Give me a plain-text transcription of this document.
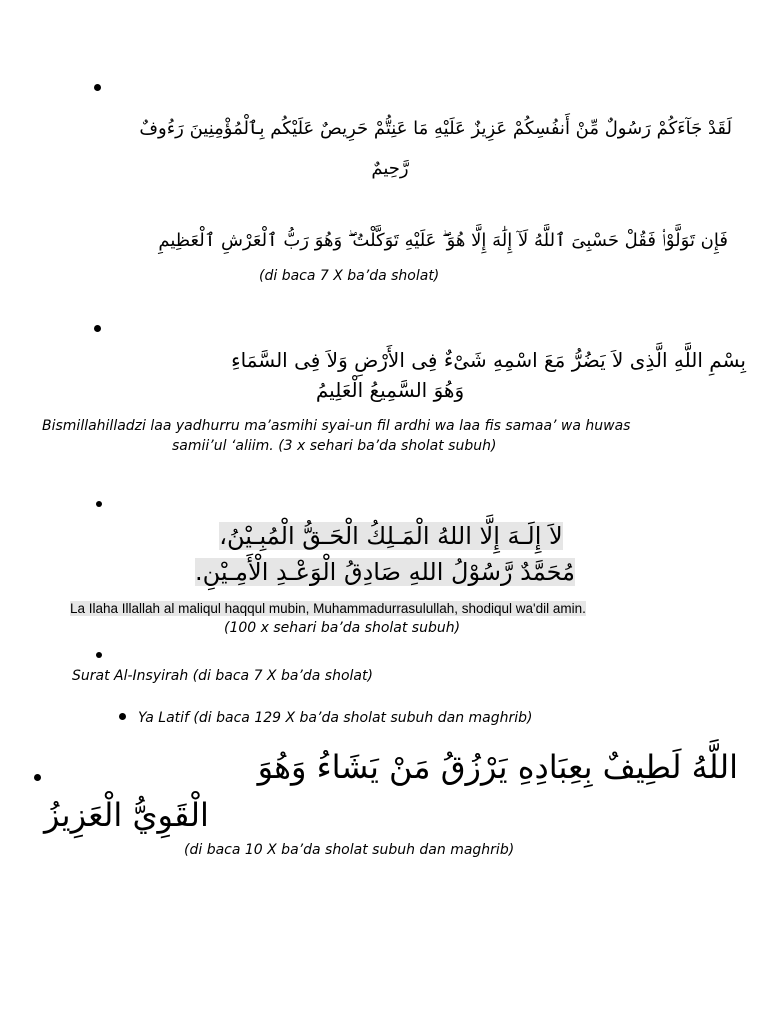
لَقَدْ جَآءَكُمْ رَسُولٌ مِّنْ أَنفُسِكُمْ عَزِيزٌ عَلَيْهِ مَا عَنِتُّمْ حَرِيصٌ عَلَيْكُم بِٱلْمُؤْمِنِينَ رَءُوفٌ
رَّحِيمٌ
فَإِن تَوَلَّوْا۟ فَقُلْ حَسْبِىَ ٱللَّهُ لَآ إِلَٰهَ إِلَّا هُوَ ۖ عَلَيْهِ تَوَكَّلْتُ ۖ وَهُوَ رَبُّ ٱلْعَرْشِ ٱلْعَظِيمِ
(di baca 7 X ba’da sholat)
بِسْمِ اللَّهِ الَّذِى لاَ يَضُرُّ مَعَ اسْمِهِ شَىْءٌ فِى الأَرْضِ وَلاَ فِى السَّمَاءِ
وَهُوَ السَّمِيعُ الْعَلِيمُ
Bismillahilladzi laa yadhurru ma’asmihi syai-un fil ardhi wa laa fis samaa’ wa huwas
samii’ul ‘aliim. (3 x sehari ba’da sholat subuh)
لاَ إِلَـهَ إِلَّا اللهُ الْمَـلِكُ الْحَـقُّ الْمُبِـيْنُ،
مُحَمَّدٌ رَّسُوْلُ اللهِ صَادِقُ الْوَعْـدِ الْأَمِـيْنِ.
La Ilaha Illallah al maliqul haqqul mubin, Muhammadurrasulullah, shodiqul wa'dil amin.
(100 x sehari ba’da sholat subuh)
Surat Al-Insyirah (di baca 7 X ba’da sholat)
Ya Latif (di baca 129 X ba’da sholat subuh dan maghrib)
اللَّهُ لَطِيفٌ بِعِبَادِهِ يَرْزُقُ مَنْ يَشَاءُ وَهُوَ
الْقَوِيُّ الْعَزِيزُ
(di baca 10 X ba’da sholat subuh dan maghrib)
